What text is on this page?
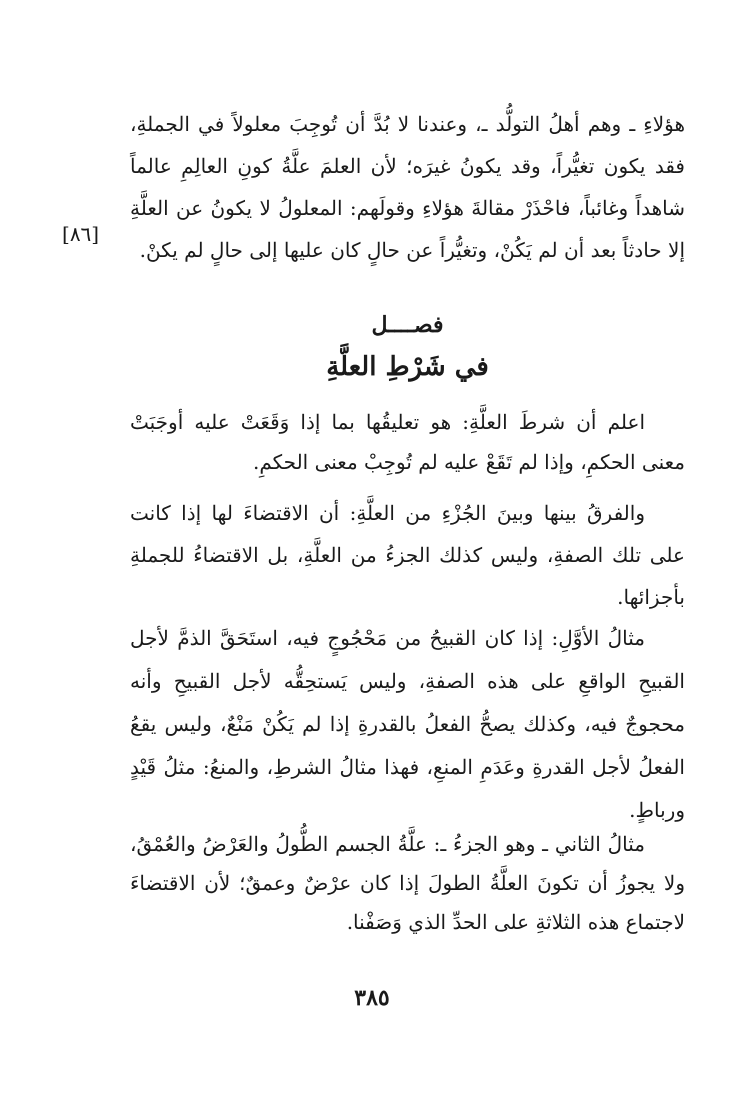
هؤلاءِ ـ وهم أهلُ التولُّد ـ، وعندنا لا بُدَّ أن تُوجِبَ معلولاً في الجملةِ، فقد يكون تغيُّراً، وقد يكونُ غيرَه؛ لأن العلمَ علَّةُ كونِ العالِمِ عالماً شاهداً وغائباً، فاحْذَرْ مقالةَ هؤلاءِ وقولَهم: المعلولُ لا يكونُ عن العلَّةِ إلا حادثاً بعد أن لم يَكُنْ، وتغيُّراً عن حالٍ كان عليها إلى حالٍ لم يكنْ.

[٨٦]
فصــــل
في شَرْطِ العلَّةِ

اعلم أن شرطَ العلَّةِ: هو تعليقُها بما إذا وَقَعَتْ عليه أوجَبَتْ معنى الحكمِ، وإذا لم تَقَعْ عليه لم تُوجِبْ معنى الحكمِ.

والفرقُ بينها وبينَ الجُزْءِ من العلَّةِ: أن الاقتضاءَ لها إذا كانت على تلك الصفةِ، وليس كذلك الجزءُ من العلَّةِ، بل الاقتضاءُ للجملةِ بأجزائها.

مثالُ الأوَّلِ: إذا كان القبيحُ من مَحْجُوجٍ فيه، استَحَقَّ الذمَّ لأجل القبيحِ الواقعِ على هذه الصفةِ، وليس يَستحِقُّه لأجل القبيحِ وأنه محجوجٌ فيه، وكذلك يصحُّ الفعلُ بالقدرةِ إذا لم يَكُنْ مَنْعٌ، وليس يقعُ الفعلُ لأجل القدرةِ وعَدَمِ المنعِ، فهذا مثالُ الشرطِ، والمنعُ: مثلُ قَيْدٍ ورباطٍ.

مثالُ الثاني ـ وهو الجزءُ ـ: علَّةُ الجسم الطُّولُ والعَرْضُ والعُمْقُ، ولا يجوزُ أن تكونَ العلَّةُ الطولَ إذا كان عرْضٌ وعمقٌ؛ لأن الاقتضاءَ لاجتماع هذه الثلاثةِ على الحدِّ الذي وَصَفْنا.

٣٨٥
